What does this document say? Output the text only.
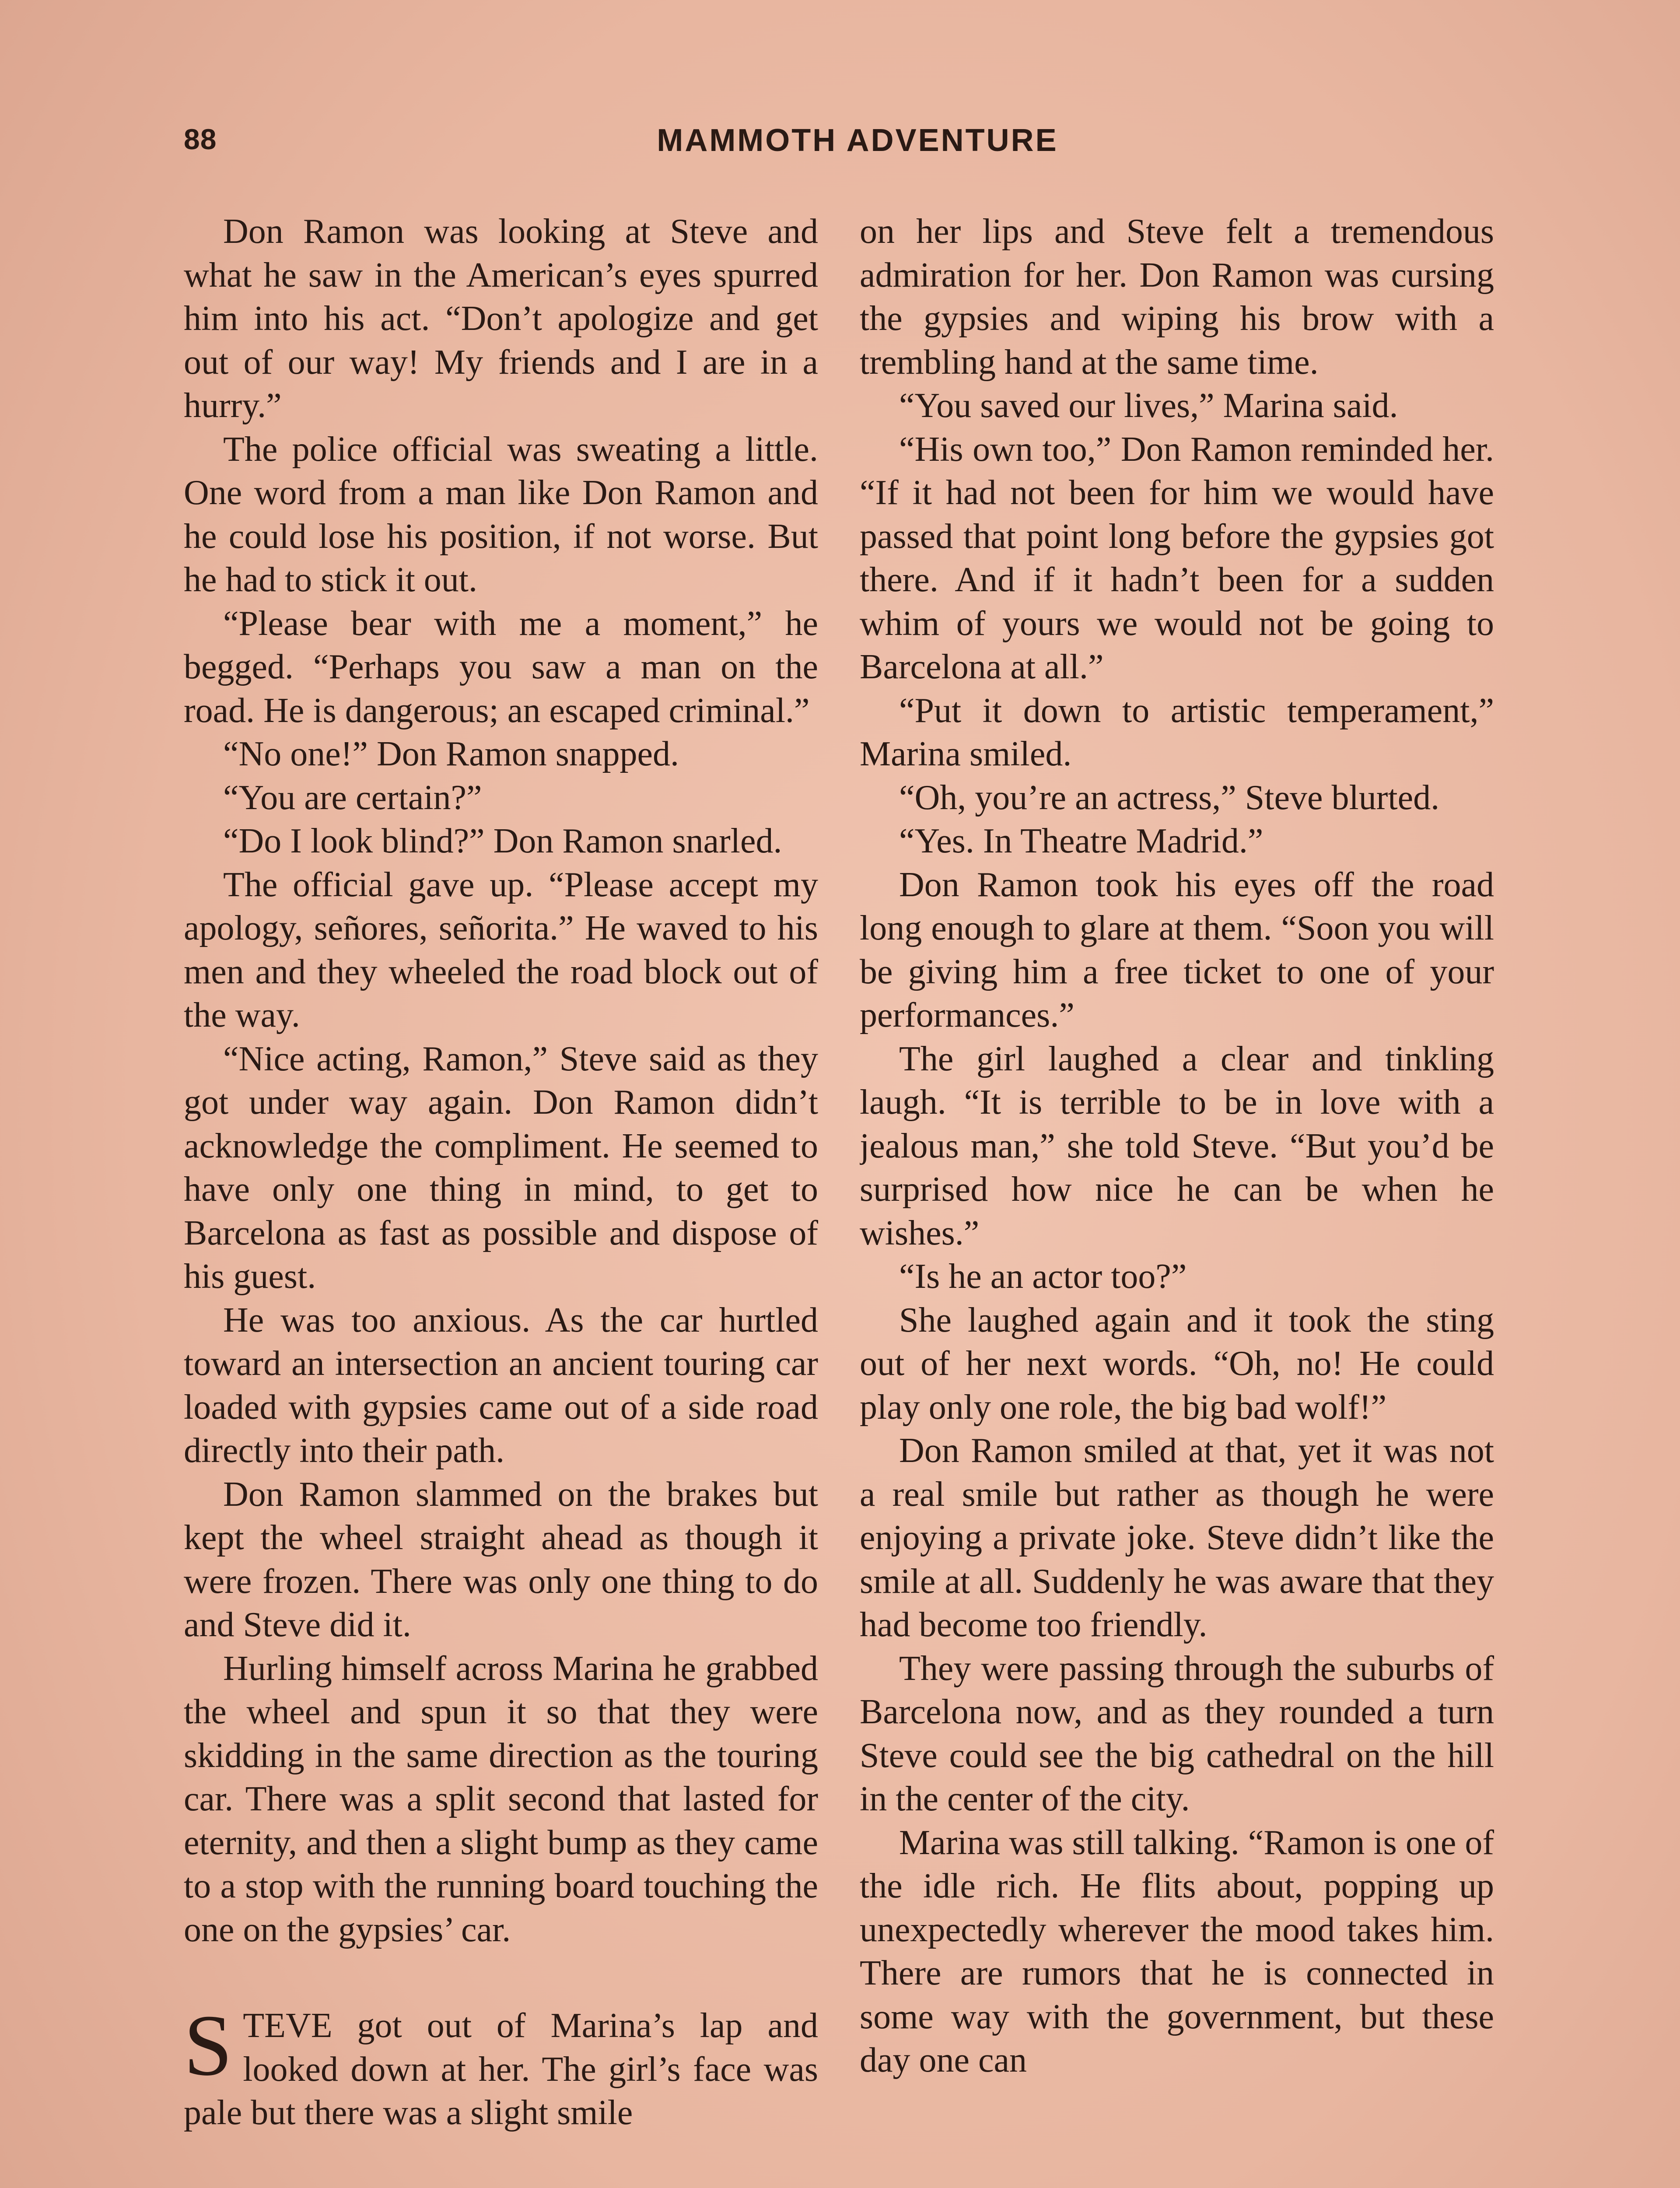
88	MAMMOTH ADVENTURE

Don Ramon was looking at Steve and what he saw in the American’s eyes spurred him into his act. “Don’t apologize and get out of our way! My friends and I are in a hurry.”

The police official was sweating a little. One word from a man like Don Ramon and he could lose his position, if not worse. But he had to stick it out.

“Please bear with me a moment,” he begged. “Perhaps you saw a man on the road. He is dangerous; an escaped criminal.”

“No one!” Don Ramon snapped.

“You are certain?”

“Do I look blind?” Don Ramon snarled.

The official gave up. “Please accept my apology, señores, señorita.” He waved to his men and they wheeled the road block out of the way.

“Nice acting, Ramon,” Steve said as they got under way again. Don Ramon didn’t acknowledge the compliment. He seemed to have only one thing in mind, to get to Barcelona as fast as possible and dispose of his guest.

He was too anxious. As the car hurtled toward an intersection an ancient touring car loaded with gypsies came out of a side road directly into their path.

Don Ramon slammed on the brakes but kept the wheel straight ahead as though it were frozen. There was only one thing to do and Steve did it.

Hurling himself across Marina he grabbed the wheel and spun it so that they were skidding in the same direction as the touring car. There was a split second that lasted for eternity, and then a slight bump as they came to a stop with the running board touching the one on the gypsies’ car.

STEVE got out of Marina’s lap and looked down at her. The girl’s face was pale but there was a slight smile

on her lips and Steve felt a tremendous admiration for her. Don Ramon was cursing the gypsies and wiping his brow with a trembling hand at the same time.

“You saved our lives,” Marina said.

“His own too,” Don Ramon reminded her. “If it had not been for him we would have passed that point long before the gypsies got there. And if it hadn’t been for a sudden whim of yours we would not be going to Barcelona at all.”

“Put it down to artistic temperament,” Marina smiled.

“Oh, you’re an actress,” Steve blurted.

“Yes. In Theatre Madrid.”

Don Ramon took his eyes off the road long enough to glare at them. “Soon you will be giving him a free ticket to one of your performances.”

The girl laughed a clear and tinkling laugh. “It is terrible to be in love with a jealous man,” she told Steve. “But you’d be surprised how nice he can be when he wishes.”

“Is he an actor too?”

She laughed again and it took the sting out of her next words. “Oh, no! He could play only one role, the big bad wolf!”

Don Ramon smiled at that, yet it was not a real smile but rather as though he were enjoying a private joke. Steve didn’t like the smile at all. Suddenly he was aware that they had become too friendly.

They were passing through the suburbs of Barcelona now, and as they rounded a turn Steve could see the big cathedral on the hill in the center of the city.

Marina was still talking. “Ramon is one of the idle rich. He flits about, popping up unexpectedly wherever the mood takes him. There are rumors that he is connected in some way with the government, but these day one can
